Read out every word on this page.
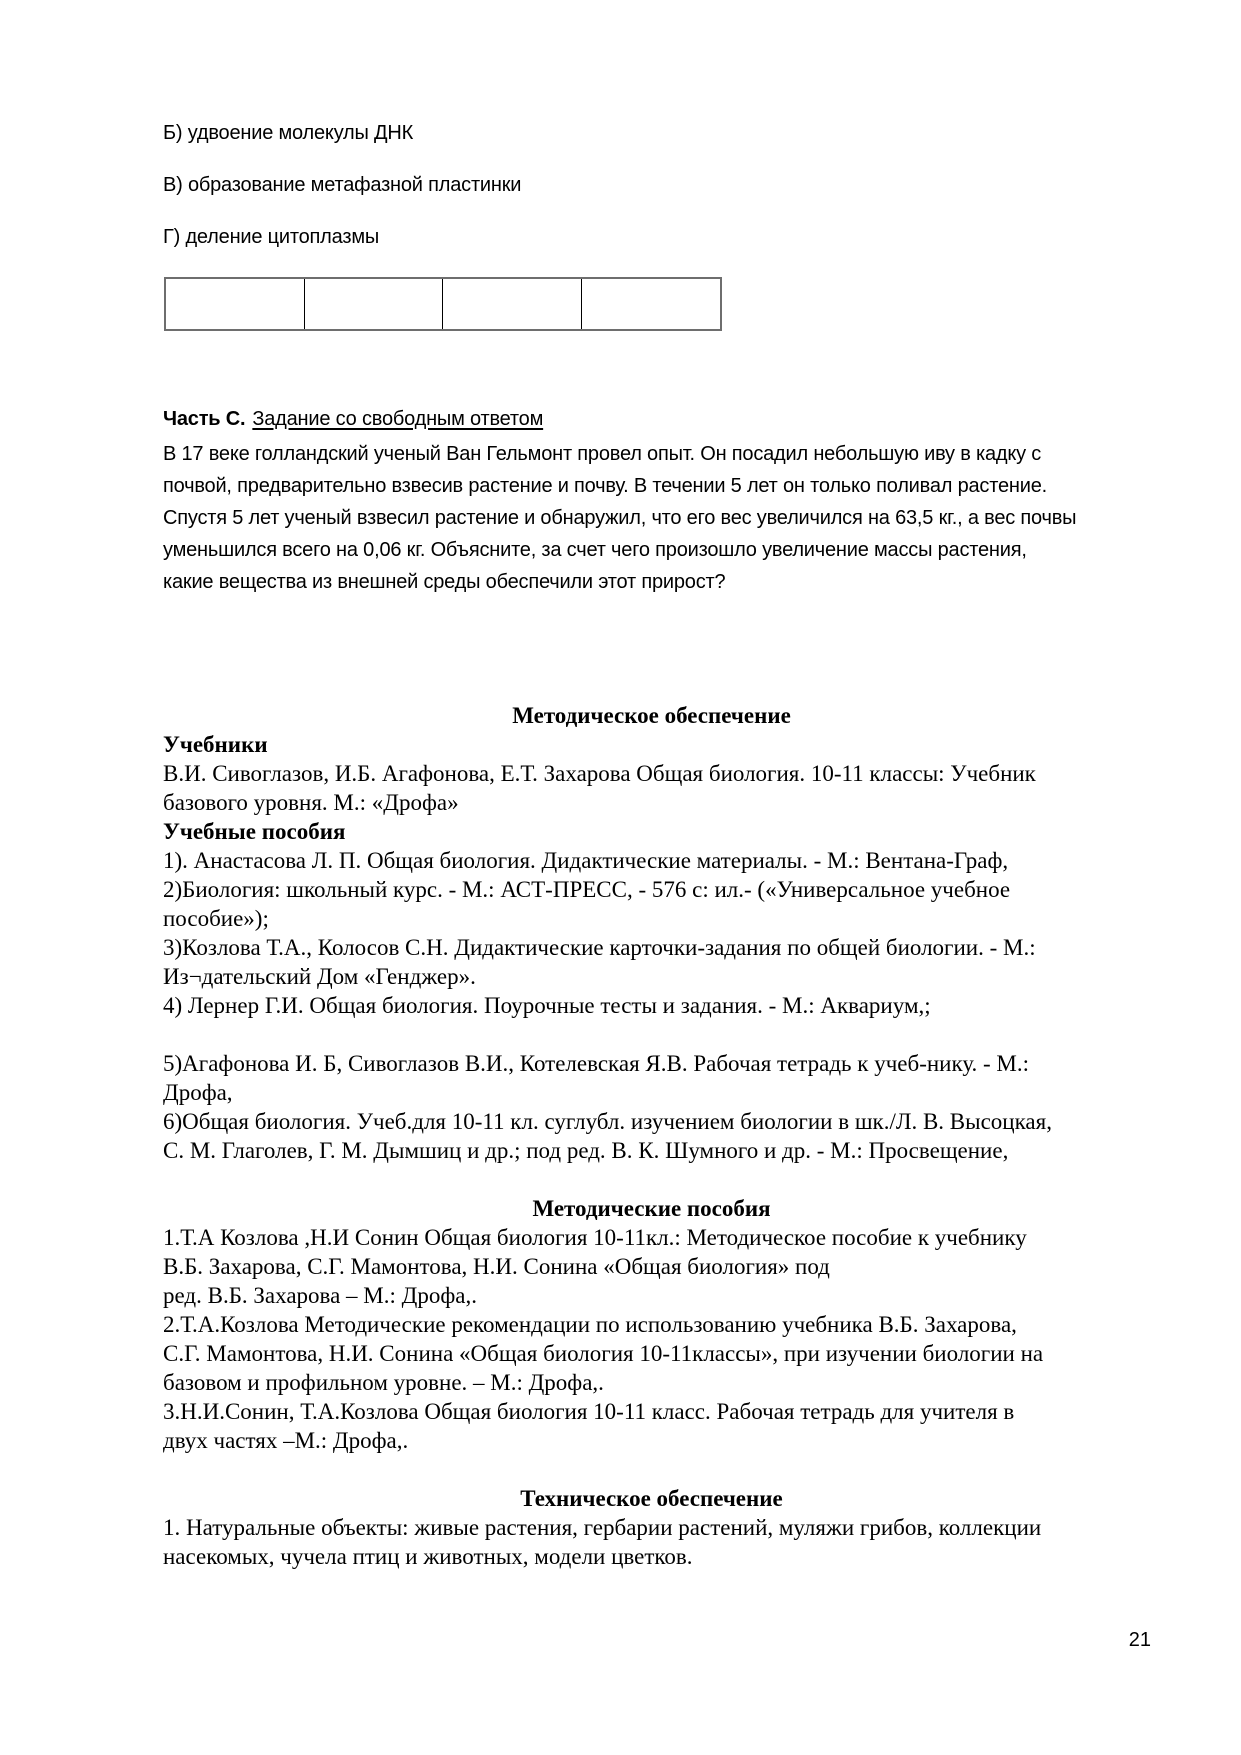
Б) удвоение молекулы ДНК
В) образование метафазной пластинки
Г) деление цитоплазмы

Часть С. Задание со свободным ответом

В 17 веке голландский ученый Ван Гельмонт провел опыт. Он посадил небольшую иву в кадку с
почвой, предварительно взвесив растение и почву. В течении 5 лет он только поливал растение.
Спустя 5 лет ученый взвесил растение и обнаружил, что его вес увеличился на 63,5 кг., а вес почвы
уменьшился всего на 0,06 кг. Объясните, за счет чего произошло увеличение массы растения,
какие вещества из внешней среды обеспечили этот прирост?
Методическое обеспечение
Учебники
В.И. Сивоглазов, И.Б. Агафонова, Е.Т. Захарова Общая биология. 10-11 классы: Учебник
базового уровня. М.: «Дрофа»
Учебные пособия
1). Анастасова Л. П. Общая биология. Дидактические материалы. - М.: Вентана-Граф,
2)Биология: школьный курс. - М.: АСТ-ПРЕСС, - 576 с: ил.- («Универсальное учебное
пособие»);
3)Козлова Т.А., Колосов С.Н. Дидактические карточки-задания по общей биологии. - М.:
Из¬дательский Дом «Генджер».
4) Лернер Г.И. Общая биология. Поурочные тесты и задания. - М.: Аквариум,;

5)Агафонова И. Б, Сивоглазов В.И., Котелевская Я.В. Рабочая тетрадь к учеб-нику. - М.:
Дрофа,
6)Общая биология. Учеб.для 10-11 кл. суглубл. изучением биологии в шк./Л. В. Высоцкая,
С. М. Глаголев, Г. М. Дымшиц и др.; под ред. В. К. Шумного и др. - М.: Просвещение,

Методические пособия
1.Т.А Козлова ,Н.И Сонин Общая биология 10-11кл.: Методическое пособие к учебнику
В.Б. Захарова, С.Г. Мамонтова, Н.И. Сонина «Общая биология» под
ред. В.Б. Захарова – М.: Дрофа,.
2.Т.А.Козлова Методические рекомендации по использованию учебника В.Б. Захарова,
С.Г. Мамонтова, Н.И. Сонина «Общая биология 10-11классы», при изучении биологии на
базовом и профильном уровне. – М.: Дрофа,.
3.Н.И.Сонин, Т.А.Козлова Общая биология 10-11 класс. Рабочая тетрадь для учителя в
двух частях –М.: Дрофа,.

Техническое обеспечение
1. Натуральные объекты: живые растения, гербарии растений, муляжи грибов, коллекции
насекомых, чучела птиц и животных, модели цветков.
21
